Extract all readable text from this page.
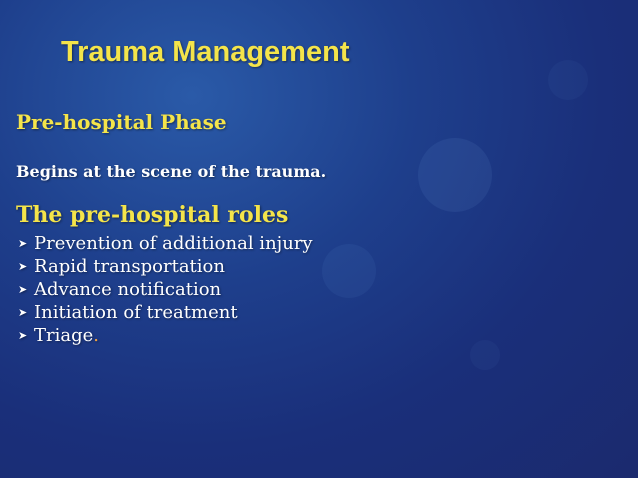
Trauma Management
Pre-hospital Phase
Begins at the scene of the trauma.
The pre-hospital roles
➤ Prevention of additional injury
➤ Rapid transportation
➤ Advance notification
➤ Initiation of treatment
➤ Triage .
